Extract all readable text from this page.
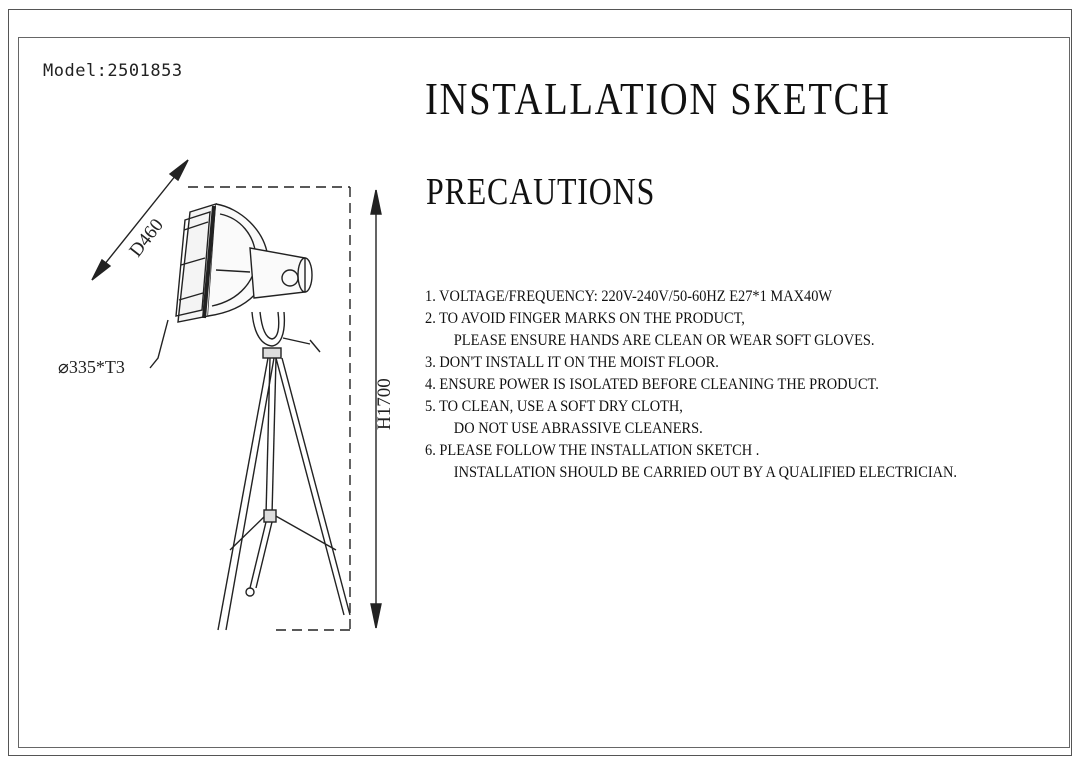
Model:2501853
INSTALLATION SKETCH
PRECAUTIONS
1. VOLTAGE/FREQUENCY: 220V-240V/50-60HZ E27*1 MAX40W
2. TO AVOID FINGER MARKS ON THE PRODUCT,
PLEASE ENSURE HANDS ARE CLEAN OR WEAR SOFT GLOVES.
3. DON'T INSTALL IT ON THE MOIST FLOOR.
4. ENSURE POWER IS ISOLATED BEFORE CLEANING THE PRODUCT.
5. TO CLEAN, USE A SOFT DRY CLOTH,
DO NOT USE ABRASSIVE CLEANERS.
6. PLEASE FOLLOW THE INSTALLATION SKETCH .
INSTALLATION SHOULD BE CARRIED OUT BY A QUALIFIED ELECTRICIAN.
D460
⌀335*T3
H1700
